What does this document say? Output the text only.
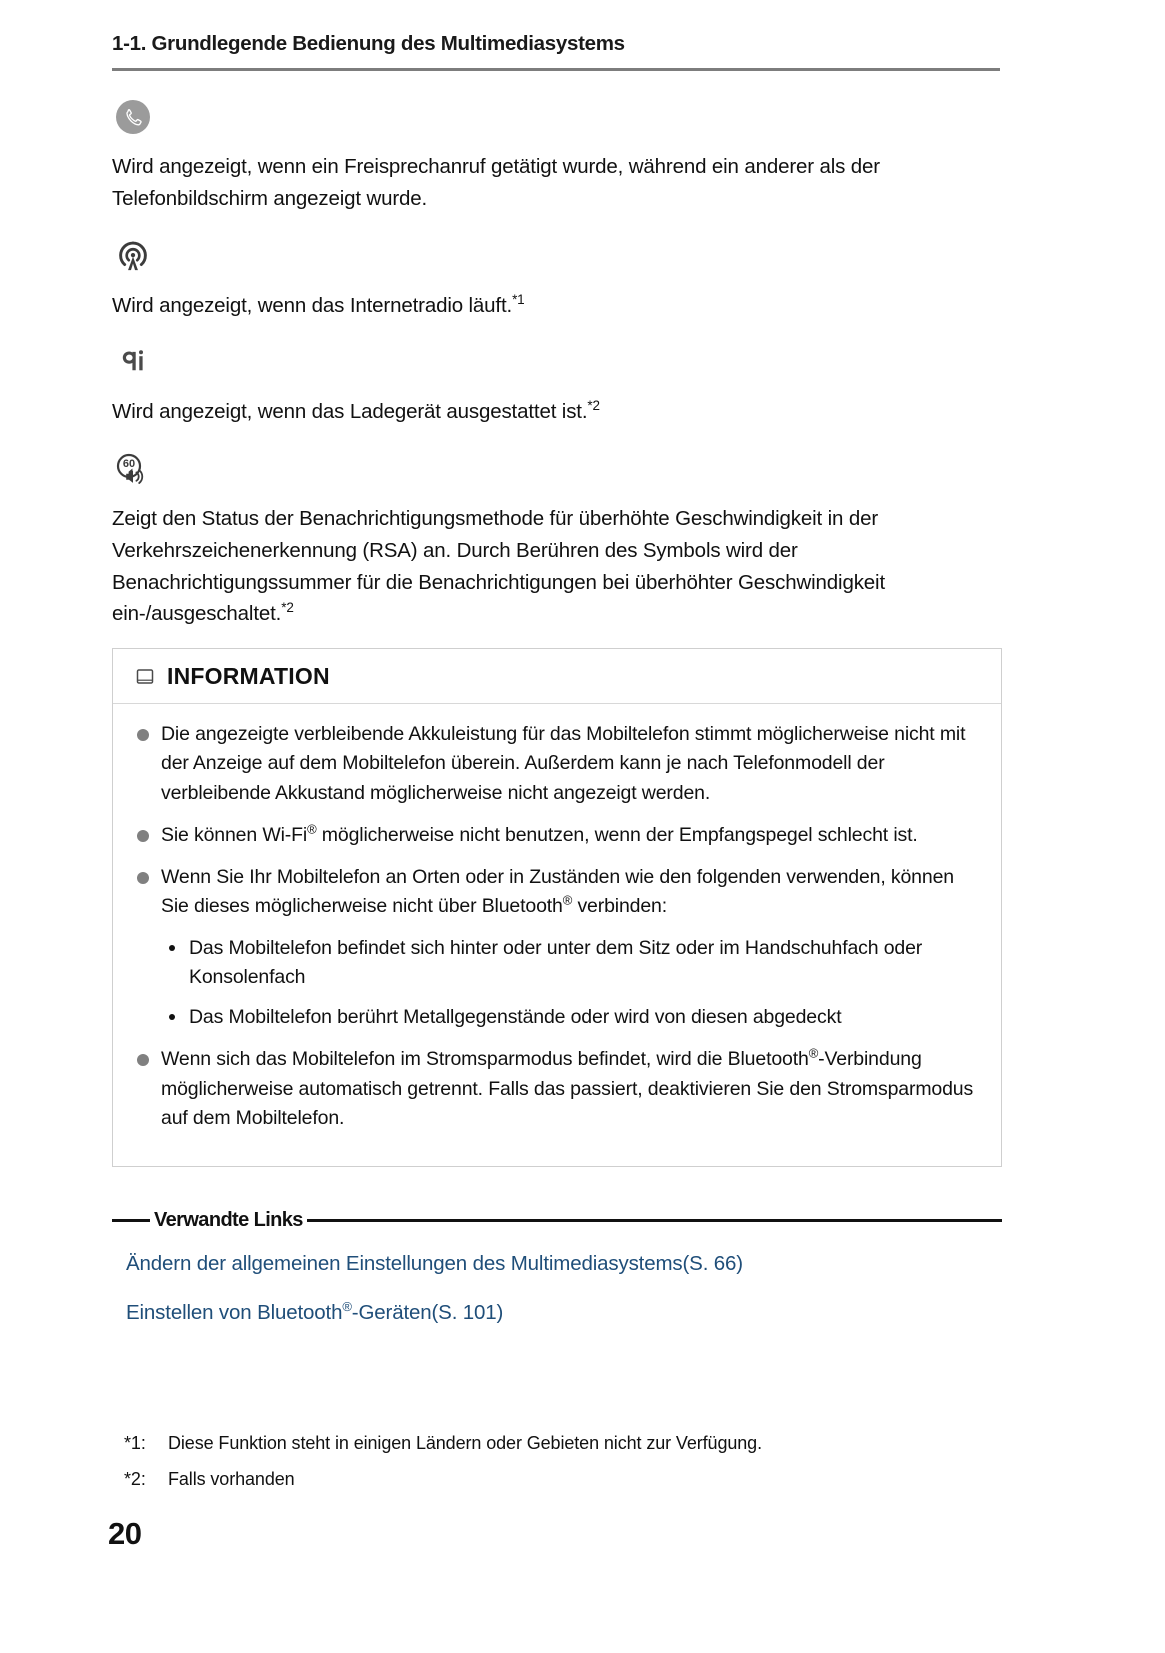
1-1. Grundlegende Bedienung des Multimediasystems

Wird angezeigt, wenn ein Freisprechanruf getätigt wurde, während ein anderer als der Telefonbildschirm angezeigt wurde.

Wird angezeigt, wenn das Internetradio läuft.$^{*1}$

Wird angezeigt, wenn das Ladegerät ausgestattet ist.$^{*2}$

60

Zeigt den Status der Benachrichtigungsmethode für überhöhte Geschwindigkeit in der Verkehrszeichenerkennung (RSA) an. Durch Berühren des Symbols wird der Benachrichtigungssummer für die Benachrichtigungen bei überhöhter Geschwindigkeit ein-/ausgeschaltet.$^{*2}$

INFORMATION
Die angezeigte verbleibende Akkuleistung für das Mobiltelefon stimmt möglicherweise nicht mit der Anzeige auf dem Mobiltelefon überein. Außerdem kann je nach Telefonmodell der verbleibende Akkustand möglicherweise nicht angezeigt werden.
Sie können Wi-Fi® möglicherweise nicht benutzen, wenn der Empfangspegel schlecht ist.
Wenn Sie Ihr Mobiltelefon an Orten oder in Zuständen wie den folgenden verwenden, können Sie dieses möglicherweise nicht über Bluetooth® verbinden:
Das Mobiltelefon befindet sich hinter oder unter dem Sitz oder im Handschuhfach oder Konsolenfach
Das Mobiltelefon berührt Metallgegenstände oder wird von diesen abgedeckt
Wenn sich das Mobiltelefon im Stromsparmodus befindet, wird die Bluetooth®-Verbindung möglicherweise automatisch getrennt. Falls das passiert, deaktivieren Sie den Stromsparmodus auf dem Mobiltelefon.
Verwandte Links
Ändern der allgemeinen Einstellungen des Multimediasystems(S. 66)
Einstellen von Bluetooth®-Geräten(S. 101)
*1:	Diese Funktion steht in einigen Ländern oder Gebieten nicht zur Verfügung.
*2:	Falls vorhanden
20
